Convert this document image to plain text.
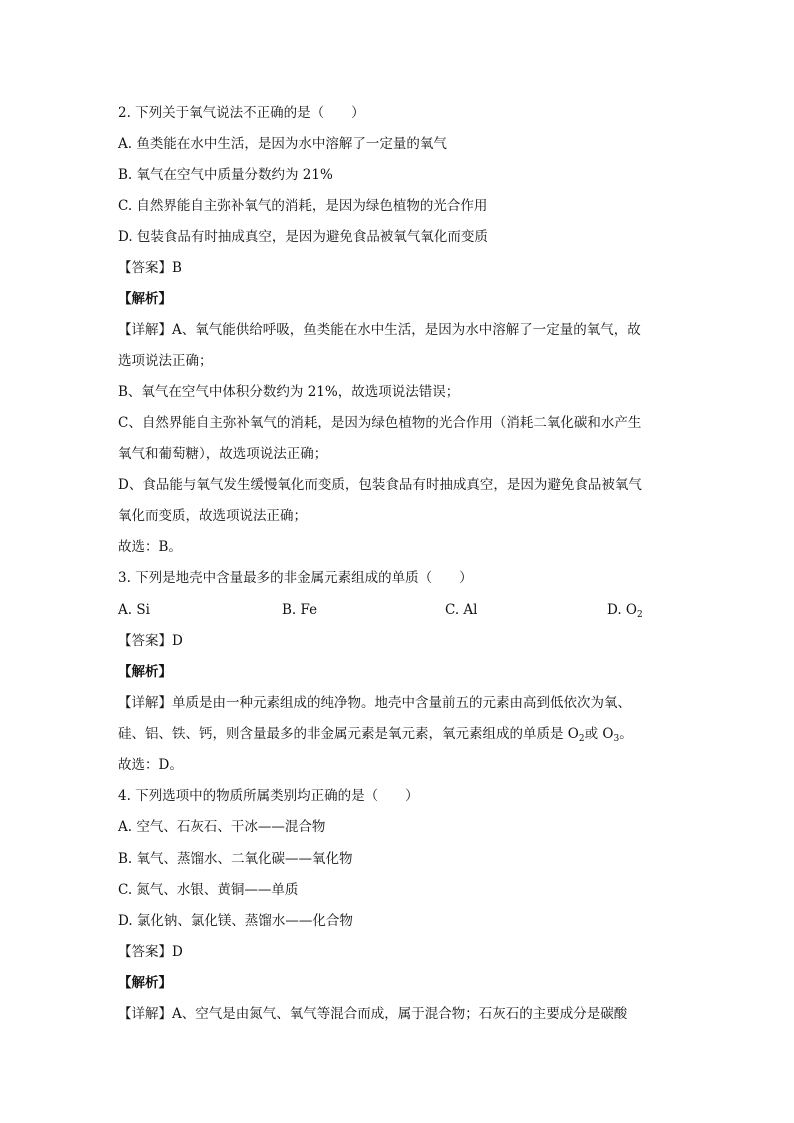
2. 下列关于氧气说法不正确的是（　　）
A. 鱼类能在水中生活，是因为水中溶解了一定量的氧气
B. 氧气在空气中质量分数约为 21%
C. 自然界能自主弥补氧气的消耗，是因为绿色植物的光合作用
D. 包装食品有时抽成真空，是因为避免食品被氧气氧化而变质
【答案】B
【解析】
【详解】A、氧气能供给呼吸，鱼类能在水中生活，是因为水中溶解了一定量的氧气，故
选项说法正确；
B、氧气在空气中体积分数约为 21%，故选项说法错误；
C、自然界能自主弥补氧气的消耗，是因为绿色植物的光合作用（消耗二氧化碳和水产生
氧气和葡萄糖），故选项说法正确；
D、食品能与氧气发生缓慢氧化而变质，包装食品有时抽成真空，是因为避免食品被氧气
氧化而变质，故选项说法正确；
故选：B。
3. 下列是地壳中含量最多的非金属元素组成的单质（　　）
A. Si	B. Fe	C. Al	D. $O_2$
【答案】D
【解析】
【详解】单质是由一种元素组成的纯净物。地壳中含量前五的元素由高到低依次为氧、
硅、铝、铁、钙，则含量最多的非金属元素是氧元素，氧元素组成的单质是 $O_2$或 $O_3$。
故选：D。
4. 下列选项中的物质所属类别均正确的是（　　）
A. 空气、石灰石、干冰——混合物
B. 氧气、蒸馏水、二氧化碳——氧化物
C. 氮气、水银、黄铜——单质
D. 氯化钠、氯化镁、蒸馏水——化合物
【答案】D
【解析】
【详解】A、空气是由氮气、氧气等混合而成，属于混合物；石灰石的主要成分是碳酸
